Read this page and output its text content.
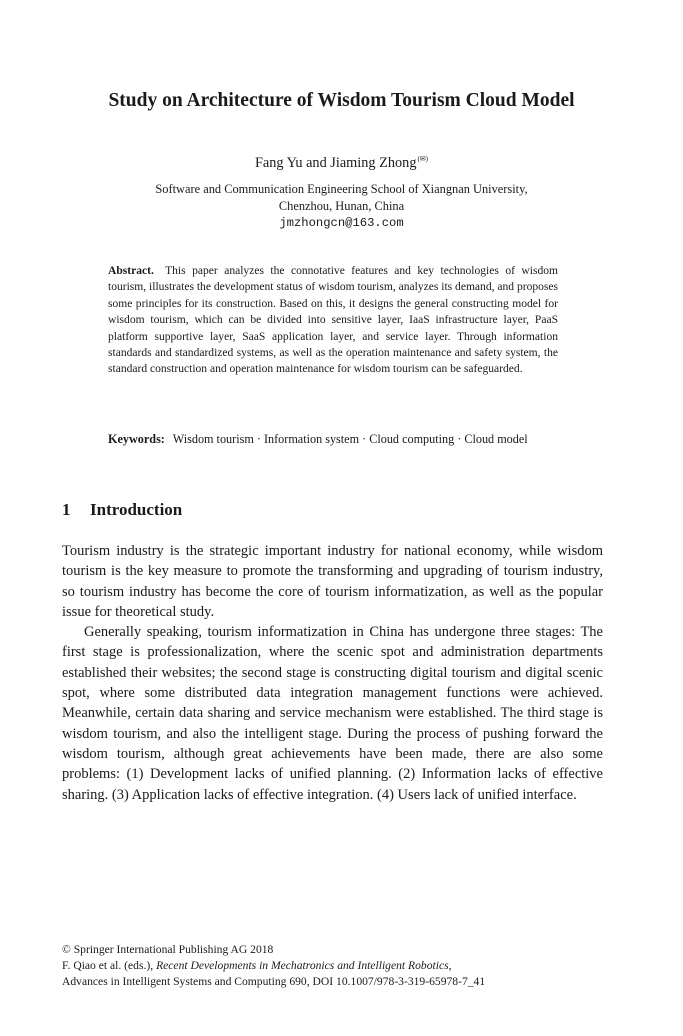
Study on Architecture of Wisdom Tourism Cloud Model
Fang Yu and Jiaming Zhong(✉)
Software and Communication Engineering School of Xiangnan University,
Chenzhou, Hunan, China
jmzhongcn@163.com

Abstract. This paper analyzes the connotative features and key technologies of wisdom tourism, illustrates the development status of wisdom tourism, analyzes its demand, and proposes some principles for its construction. Based on this, it designs the general constructing model for wisdom tourism, which can be divided into sensitive layer, IaaS infrastructure layer, PaaS platform supportive layer, SaaS application layer, and service layer. Through information standards and standardized systems, as well as the operation maintenance and safety system, the standard construction and operation maintenance for wisdom tourism can be safeguarded.

Keywords: Wisdom tourism · Information system · Cloud computing · Cloud model

1 Introduction

Tourism industry is the strategic important industry for national economy, while wisdom tourism is the key measure to promote the transforming and upgrading of tourism industry, so tourism industry has become the core of tourism informatization, as well as the popular issue for theoretical study.

Generally speaking, tourism informatization in China has undergone three stages: The first stage is professionalization, where the scenic spot and administration departments established their websites; the second stage is constructing digital tourism and digital scenic spot, where some distributed data integration management functions were achieved. Meanwhile, certain data sharing and service mechanism were established. The third stage is wisdom tourism, and also the intelligent stage. During the process of pushing forward the wisdom tourism, although great achievements have been made, there are also some problems: (1) Development lacks of unified planning. (2) Information lacks of effective sharing. (3) Application lacks of effective integration. (4) Users lack of unified interface.

© Springer International Publishing AG 2018
F. Qiao et al. (eds.), Recent Developments in Mechatronics and Intelligent Robotics,
Advances in Intelligent Systems and Computing 690, DOI 10.1007/978-3-319-65978-7_41
